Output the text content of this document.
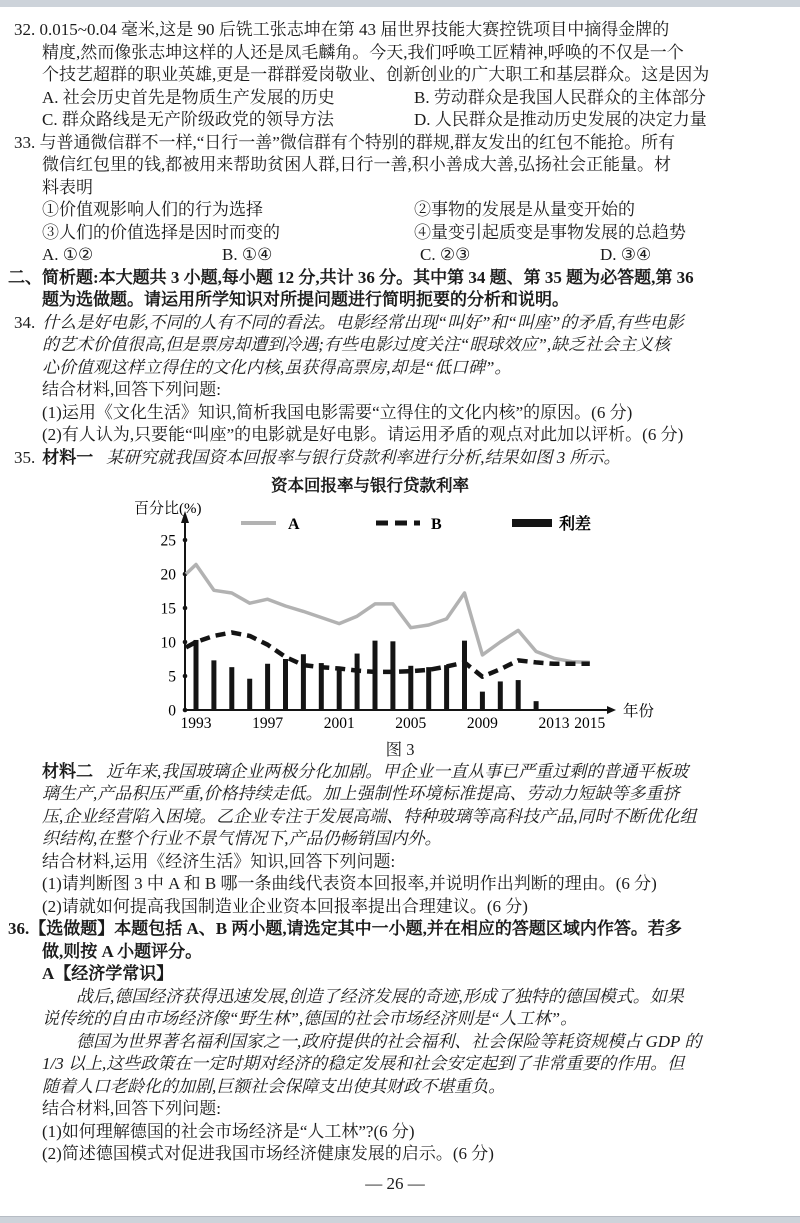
32. 0.015~0.04 毫米,这是 90 后铣工张志坤在第 43 届世界技能大赛控铣项目中摘得金牌的
精度,然而像张志坤这样的人还是凤毛麟角。今天,我们呼唤工匠精神,呼唤的不仅是一个
个技艺超群的职业英雄,更是一群群爱岗敬业、创新创业的广大职工和基层群众。这是因为
A. 社会历史首先是物质生产发展的历史	B. 劳动群众是我国人民群众的主体部分
C. 群众路线是无产阶级政党的领导方法	D. 人民群众是推动历史发展的决定力量
33. 与普通微信群不一样,“日行一善”微信群有个特别的群规,群友发出的红包不能抢。所有
微信红包里的钱,都被用来帮助贫困人群,日行一善,积小善成大善,弘扬社会正能量。材
料表明
①价值观影响人们的行为选择	②事物的发展是从量变开始的
③人们的价值选择是因时而变的	④量变引起质变是事物发展的总趋势
A. ①②	B. ①④	C. ②③	D. ③④
二、简析题:本大题共 3 小题,每小题 12 分,共计 36 分。其中第 34 题、第 35 题为必答题,第 36
题为选做题。请运用所学知识对所提问题进行简明扼要的分析和说明。
34. 什么是好电影,不同的人有不同的看法。电影经常出现“叫好”和“叫座”的矛盾,有些电影
的艺术价值很高,但是票房却遭到冷遇;有些电影过度关注“眼球效应”,缺乏社会主义核
心价值观这样立得住的文化内核,虽获得高票房,却是“低口碑”。
结合材料,回答下列问题:
(1)运用《文化生活》知识,简析我国电影需要“立得住的文化内核”的原因。(6 分)
(2)有人认为,只要能“叫座”的电影就是好电影。请运用矛盾的观点对此加以评析。(6 分)
35. 材料一 某研究就我国资本回报率与银行贷款利率进行分析,结果如图 3 所示。
资本回报率与银行贷款利率
0
5
10
15
20
25
1993	1997	2001	2005	2009	2013 2015
百分比(%)
年份
A	B	利差
图 3
材料二 近年来,我国玻璃企业两极分化加剧。甲企业一直从事已严重过剩的普通平板玻
璃生产,产品积压严重,价格持续走低。加上强制性环境标准提高、劳动力短缺等多重挤
压,企业经营陷入困境。乙企业专注于发展高端、特种玻璃等高科技产品,同时不断优化组
织结构,在整个行业不景气情况下,产品仍畅销国内外。
结合材料,运用《经济生活》知识,回答下列问题:
(1)请判断图 3 中 A 和 B 哪一条曲线代表资本回报率,并说明作出判断的理由。(6 分)
(2)请就如何提高我国制造业企业资本回报率提出合理建议。(6 分)
36.【选做题】本题包括 A、B 两小题,请选定其中一小题,并在相应的答题区域内作答。若多
做,则按 A 小题评分。
A【经济学常识】
战后,德国经济获得迅速发展,创造了经济发展的奇迹,形成了独特的德国模式。如果
说传统的自由市场经济像“野生林”,德国的社会市场经济则是“人工林”。
德国为世界著名福利国家之一,政府提供的社会福利、社会保险等耗资规模占 GDP 的
1/3 以上,这些政策在一定时期对经济的稳定发展和社会安定起到了非常重要的作用。但
随着人口老龄化的加剧,巨额社会保障支出使其财政不堪重负。
结合材料,回答下列问题:
(1)如何理解德国的社会市场经济是“人工林”?(6 分)
(2)简述德国模式对促进我国市场经济健康发展的启示。(6 分)
— 26 —
